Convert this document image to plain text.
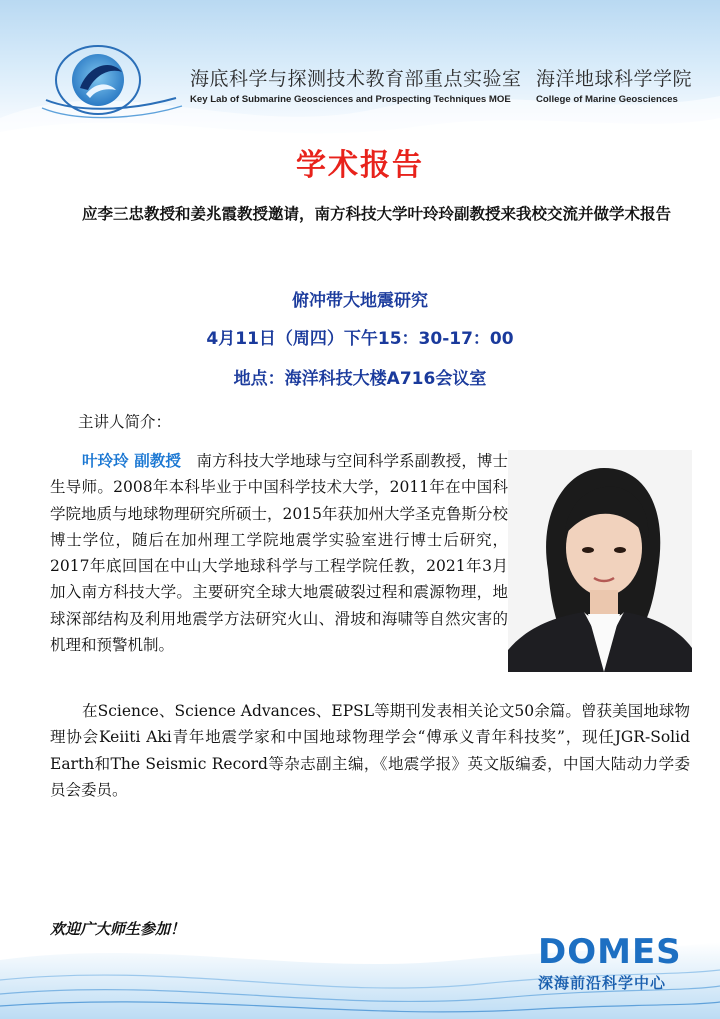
海底科学与探测技术教育部重点实验室
Key Lab of Submarine Geosciences and Prospecting Techniques MOE
海洋地球科学学院
College of Marine Geosciences
学术报告
应李三忠教授和姜兆霞教授邀请，南方科技大学叶玲玲副教授来我校交流并做学术报告
俯冲带大地震研究
4月11日（周四）下午15：30-17：00
地点：海洋科技大楼A716会议室
主讲人简介：
叶玲玲 副教授  南方科技大学地球与空间科学系副教授，博士生导师。2008年本科毕业于中国科学技术大学，2011年在中国科学院地质与地球物理研究所硕士，2015年获加州大学圣克鲁斯分校博士学位，随后在加州理工学院地震学实验室进行博士后研究，2017年底回国在中山大学地球科学与工程学院任教，2021年3月加入南方科技大学。主要研究全球大地震破裂过程和震源物理，地球深部结构及利用地震学方法研究火山、滑坡和海啸等自然灾害的机理和预警机制。
在Science、Science Advances、EPSL等期刊发表相关论文50余篇。曾获美国地球物理协会Keiiti Aki青年地震学家和中国地球物理学会“傅承义青年科技奖”，现任JGR-Solid Earth和The Seismic Record等杂志副主编，《地震学报》英文版编委，中国大陆动力学委员会委员。
欢迎广大师生参加！
DOMES
深海前沿科学中心
